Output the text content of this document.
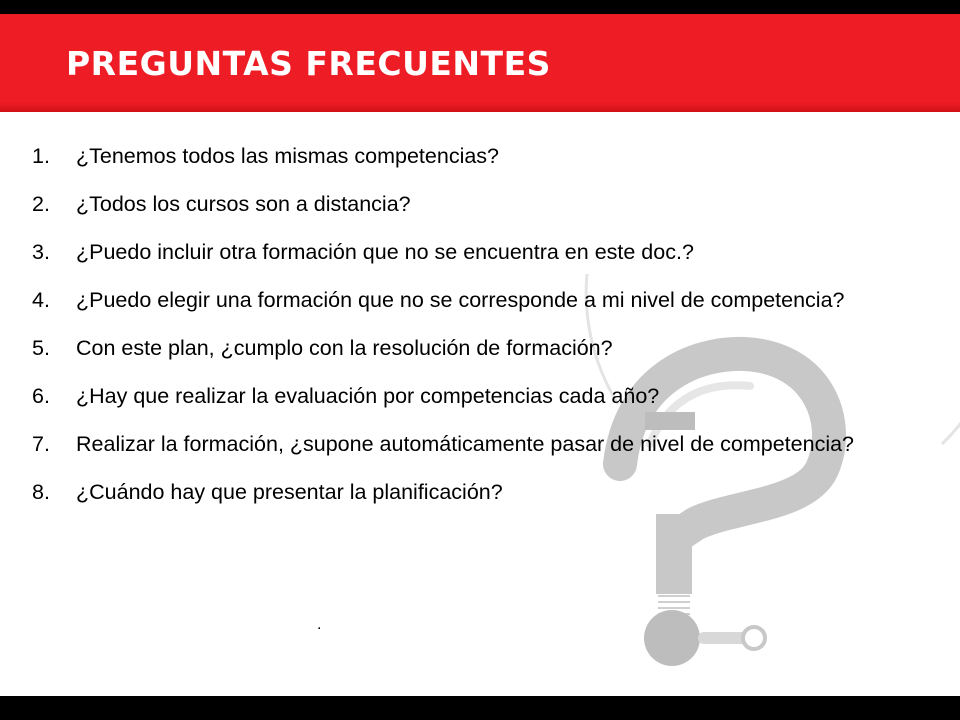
PREGUNTAS FRECUENTES
1.	¿Tenemos todos las mismas competencias?
2.	¿Todos los cursos son a distancia?
3.	¿Puedo incluir otra formación que no se encuentra en este doc.?
4.	¿Puedo elegir una formación que no se corresponde a mi nivel de competencia?
5.	Con este plan, ¿cumplo con la resolución de formación?
6.	¿Hay que realizar la evaluación por competencias cada año?
7.	Realizar la formación, ¿supone automáticamente pasar de nivel de competencia?
8.	¿Cuándo hay que presentar la planificación?
.
